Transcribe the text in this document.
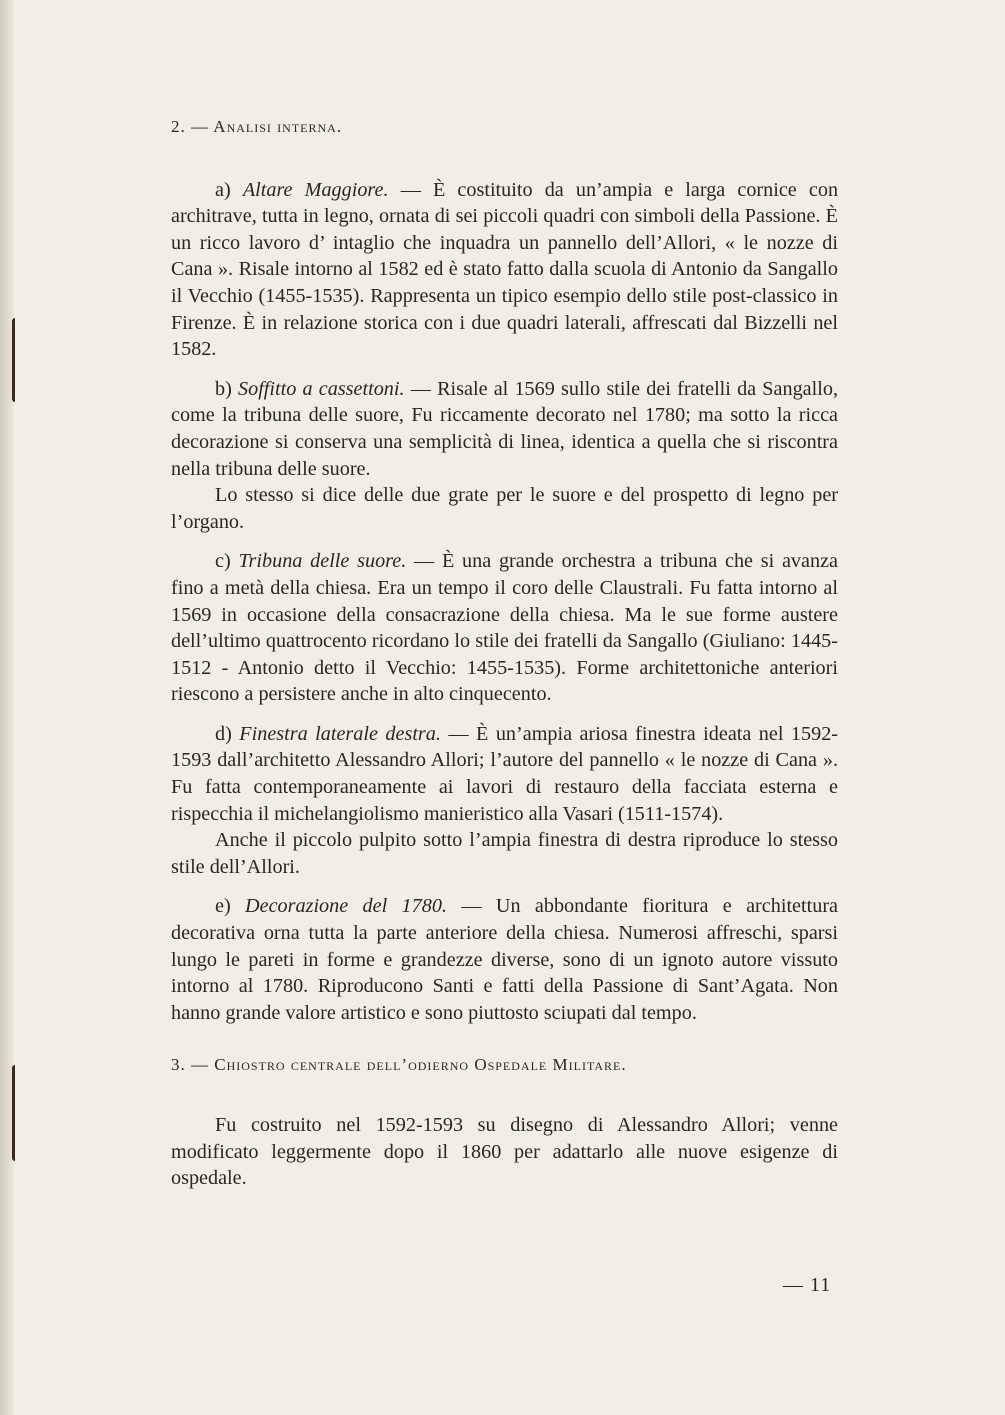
2. — Analisi interna.

a) Altare Maggiore. — È costituito da un’ampia e larga cornice con architrave, tutta in legno, ornata di sei piccoli quadri con simboli della Passione. È un ricco lavoro d’ intaglio che inquadra un pannello dell’Allori, « le nozze di Cana ». Risale intorno al 1582 ed è stato fatto dalla scuola di Antonio da Sangallo il Vecchio (1455-1535). Rappresenta un tipico esempio dello stile post-classico in Firenze. È in relazione storica con i due quadri laterali, affrescati dal Bizzelli nel 1582.

b) Soffitto a cassettoni. — Risale al 1569 sullo stile dei fratelli da Sangallo, come la tribuna delle suore, Fu riccamente decorato nel 1780; ma sotto la ricca decorazione si conserva una semplicità di linea, identica a quella che si riscontra nella tribuna delle suore.

Lo stesso si dice delle due grate per le suore e del prospetto di legno per l’organo.

c) Tribuna delle suore. — È una grande orchestra a tribuna che si avanza fino a metà della chiesa. Era un tempo il coro delle Claustrali. Fu fatta intorno al 1569 in occasione della consacrazione della chiesa. Ma le sue forme austere dell’ultimo quattrocento ricordano lo stile dei fratelli da Sangallo (Giuliano: 1445-1512 - Antonio detto il Vecchio: 1455-1535). Forme architettoniche anteriori riescono a persistere anche in alto cinquecento.

d) Finestra laterale destra. — È un’ampia ariosa finestra ideata nel 1592-1593 dall’architetto Alessandro Allori; l’autore del pannello « le nozze di Cana ». Fu fatta contemporaneamente ai lavori di restauro della facciata esterna e rispecchia il michelangiolismo manieristico alla Vasari (1511-1574).

Anche il piccolo pulpito sotto l’ampia finestra di destra riproduce lo stesso stile dell’Allori.

e) Decorazione del 1780. — Un abbondante fioritura e architettura decorativa orna tutta la parte anteriore della chiesa. Numerosi affreschi, sparsi lungo le pareti in forme e grandezze diverse, sono di un ignoto autore vissuto intorno al 1780. Riproducono Santi e fatti della Passione di Sant’Agata. Non hanno grande valore artistico e sono piuttosto sciupati dal tempo.

3. — Chiostro centrale dell’odierno Ospedale Militare.

Fu costruito nel 1592-1593 su disegno di Alessandro Allori; venne modificato leggermente dopo il 1860 per adattarlo alle nuove esigenze di ospedale.

— 11
